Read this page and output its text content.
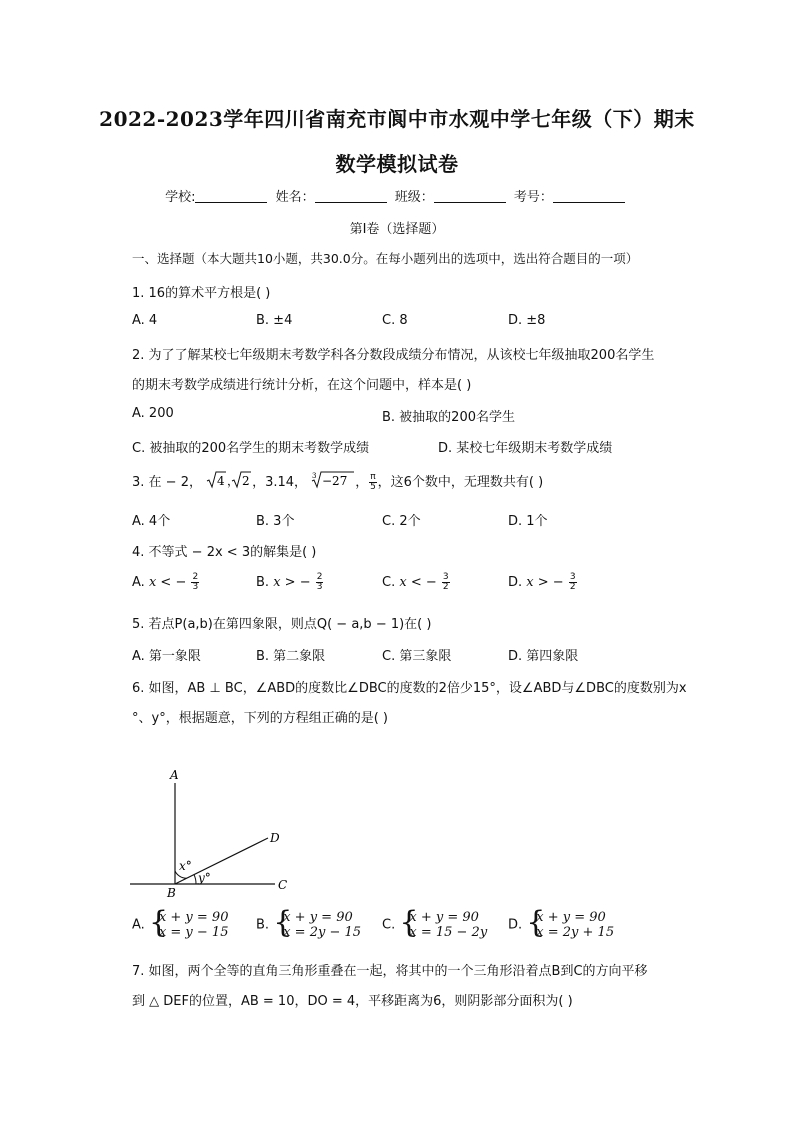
2022-2023学年四川省南充市阆中市水观中学七年级（下）期末
数学模拟试卷
学校:	姓名：	班级：	考号：
第I卷（选择题）
一、选择题（本大题共10小题，共30.0分。在每小题列出的选项中，选出符合题目的一项）
1. 16的算术平方根是( )
A. 4	B. ±4	C. 8	D. ±8
2. 为了了解某校七年级期末考数学科各分数段成绩分布情况，从该校七年级抽取200名学生
的期末考数学成绩进行统计分析，在这个问题中，样本是( )
A. 200	B. 被抽取的200名学生
C. 被抽取的200名学生的期末考数学成绩	D. 某校七年级期末考数学成绩
3. 在 − 2， 4 ， 2 ，3.14， 3 −27 ， $\frac{\pi}{5}$ ，这6个数中，无理数共有( )
A. 4个	B. 3个	C. 2个	D. 1个
4. 不等式 − 2x < 3的解集是( )
A. x < − $\frac{2}{3}$	B. x > − $\frac{2}{3}$	C. x < − $\frac{3}{2}$	D. x > − $\frac{3}{2}$
5. 若点P(a,b)在第四象限，则点Q( − a,b − 1)在( )
A. 第一象限	B. 第二象限	C. 第三象限	D. 第四象限
6. 如图，AB ⊥ BC，∠ABD的度数比∠DBC的度数的2倍少15°，设∠ABD与∠DBC的度数别为x
°、y°，根据题意，下列的方程组正确的是( )
A
D
B
C
x°
y°
A. {
x + y = 90
x = y − 15 B. {
x + y = 90
x = 2y − 15 C. {
x + y = 90
x = 15 − 2y D. {
x + y = 90
x = 2y + 15
7. 如图，两个全等的直角三角形重叠在一起，将其中的一个三角形沿着点B到C的方向平移
到 △ DEF的位置，AB = 10，DO = 4，平移距离为6，则阴影部分面积为( )
